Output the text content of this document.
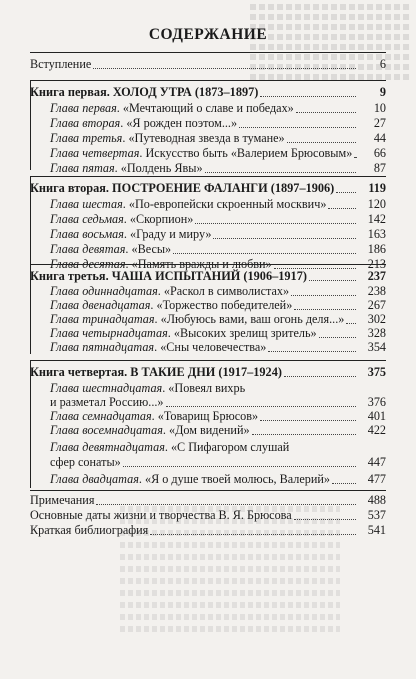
СОДЕРЖАНИЕ
Вступление	6
Книга первая. ХОЛОД УТРА (1873–1897)	9
Глава первая. «Мечтающий о славе и победах»	10
Глава вторая. «Я рожден поэтом...»	27
Глава третья. «Путеводная звезда в тумане»	44
Глава четвертая. Искусство быть «Валерием Брюсовым»	66
Глава пятая. «Полдень Явы»	87
Книга вторая. ПОСТРОЕНИЕ ФАЛАНГИ (1897–1906)	119
Глава шестая. «По-европейски скроенный москвич»	120
Глава седьмая. «Скорпион»	142
Глава восьмая. «Граду и миру»	163
Глава девятая. «Весы»	186
Глава десятая. «Память вражды и любви»	213
Книга третья. ЧАША ИСПЫТАНИЙ (1906–1917)	237
Глава одиннадцатая. «Раскол в символистах»	238
Глава двенадцатая. «Торжество победителей»	267
Глава тринадцатая. «Любуюсь вами, ваш огонь деля...»	302
Глава четырнадцатая. «Высоких зрелищ зритель»	328
Глава пятнадцатая. «Сны человечества»	354
Книга четвертая. В ТАКИЕ ДНИ (1917–1924)	375
Глава шестнадцатая. «Повеял вихрь
и разметал Россию...»	376
Глава семнадцатая. «Товарищ Брюсов»	401
Глава восемнадцатая. «Дом видений»	422
Глава девятнадцатая. «С Пифагором слушай
сфер сонаты»	447
Глава двадцатая. «Я о душе твоей молюсь, Валерий»	477
Примечания	488
Основные даты жизни и творчества В. Я. Брюсова	537
Краткая библиография	541
